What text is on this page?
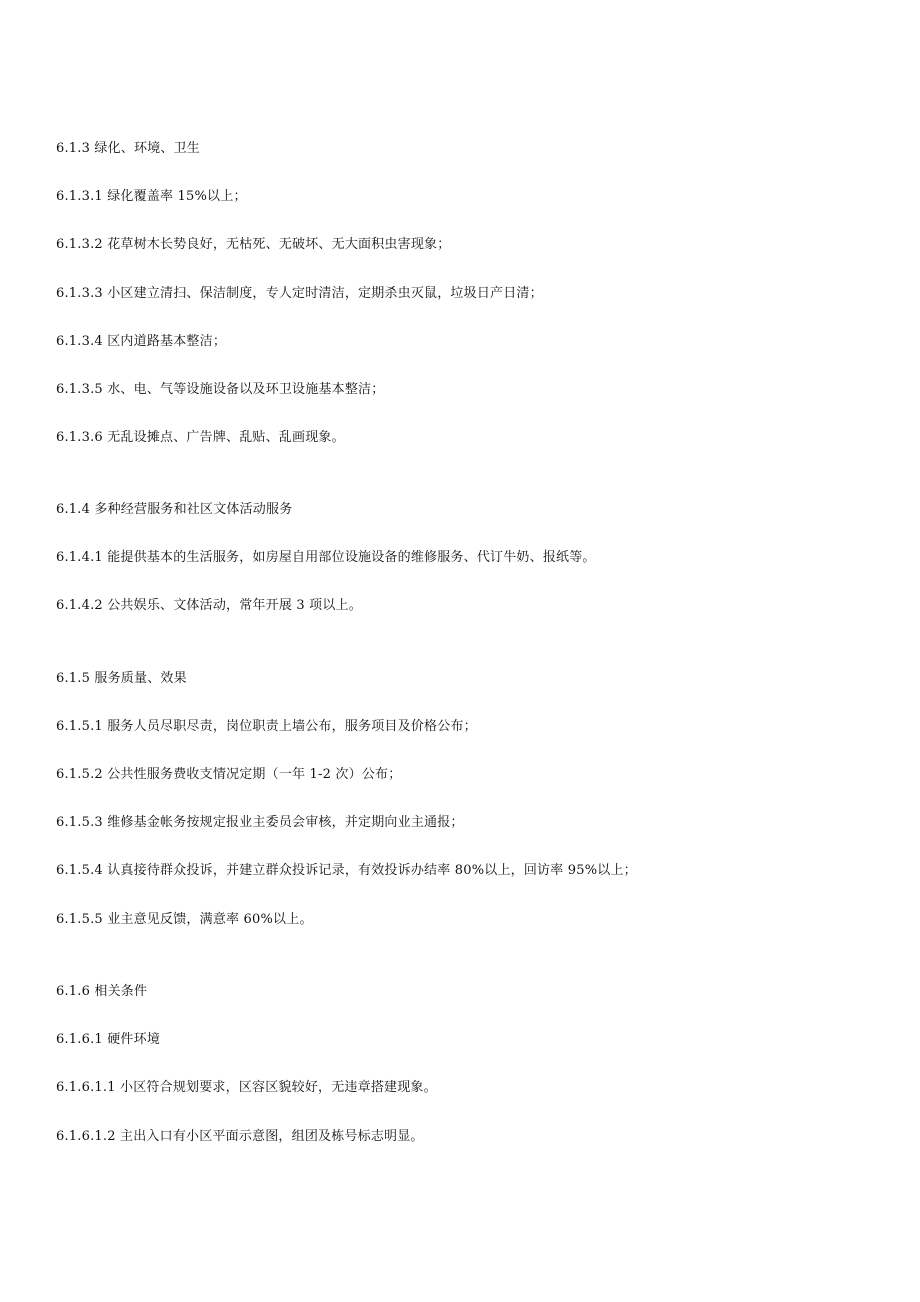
6.1.3 绿化、环境、卫生
6.1.3.1 绿化覆盖率 15%以上；
6.1.3.2 花草树木长势良好，无枯死、无破坏、无大面积虫害现象；
6.1.3.3 小区建立清扫、保洁制度，专人定时清洁，定期杀虫灭鼠，垃圾日产日清；
6.1.3.4 区内道路基本整洁；
6.1.3.5 水、电、气等设施设备以及环卫设施基本整洁；
6.1.3.6 无乱设摊点、广告牌、乱贴、乱画现象。
6.1.4 多种经营服务和社区文体活动服务
6.1.4.1 能提供基本的生活服务，如房屋自用部位设施设备的维修服务、代订牛奶、报纸等。
6.1.4.2 公共娱乐、文体活动，常年开展 3 项以上。
6.1.5 服务质量、效果
6.1.5.1 服务人员尽职尽责，岗位职责上墙公布，服务项目及价格公布；
6.1.5.2 公共性服务费收支情况定期（一年 1-2 次）公布；
6.1.5.3 维修基金帐务按规定报业主委员会审核，并定期向业主通报；
6.1.5.4 认真接待群众投诉，并建立群众投诉记录，有效投诉办结率 80%以上，回访率 95%以上；
6.1.5.5 业主意见反馈，满意率 60%以上。
6.1.6 相关条件
6.1.6.1 硬件环境
6.1.6.1.1 小区符合规划要求，区容区貌较好，无违章搭建现象。
6.1.6.1.2 主出入口有小区平面示意图，组团及栋号标志明显。
